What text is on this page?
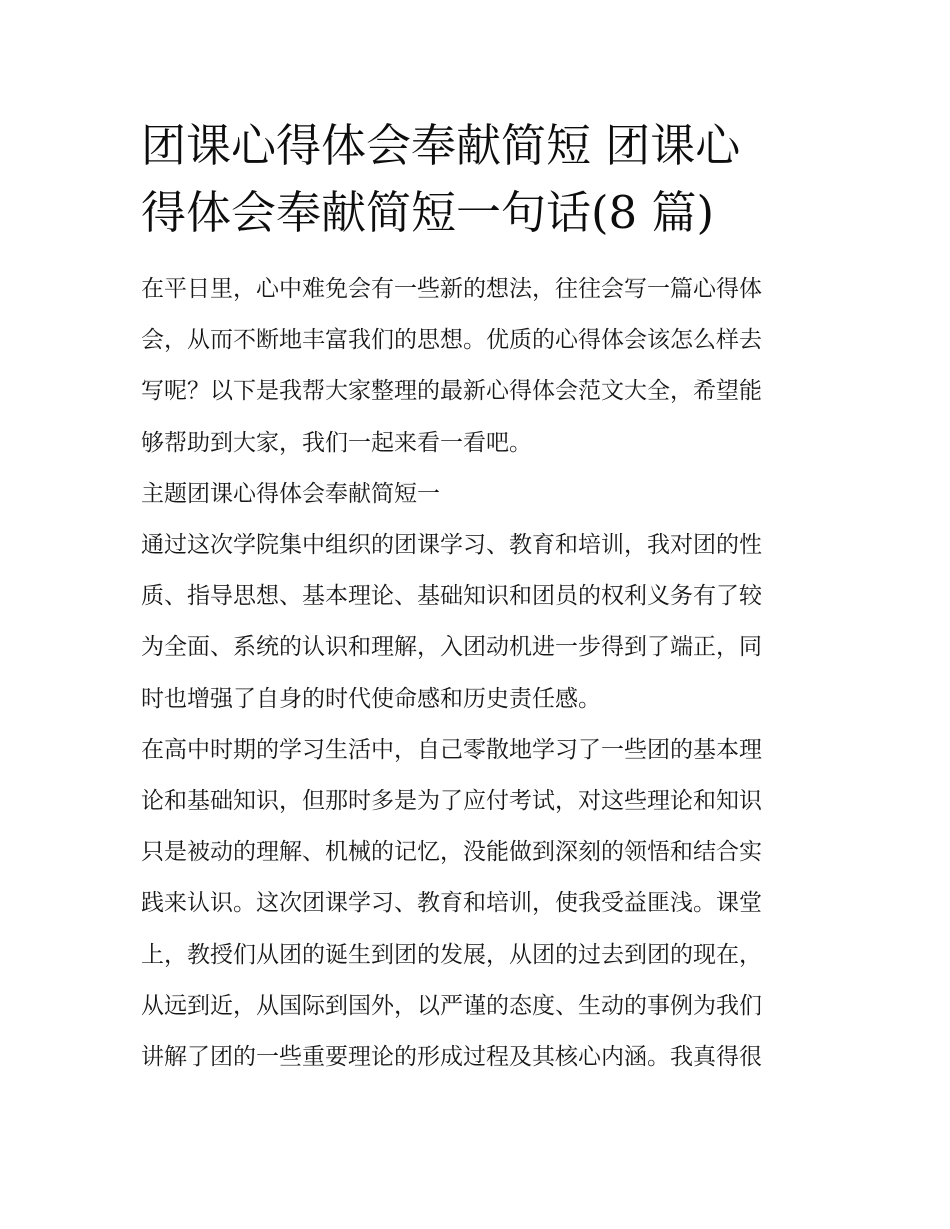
团课心得体会奉献简短 团课心
得体会奉献简短一句话(8 篇)

在平日里，心中难免会有一些新的想法，往往会写一篇心得体
会，从而不断地丰富我们的思想。优质的心得体会该怎么样去
写呢？以下是我帮大家整理的最新心得体会范文大全，希望能
够帮助到大家，我们一起来看一看吧。

主题团课心得体会奉献简短一

通过这次学院集中组织的团课学习、教育和培训，我对团的性
质、指导思想、基本理论、基础知识和团员的权利义务有了较
为全面、系统的认识和理解，入团动机进一步得到了端正，同
时也增强了自身的时代使命感和历史责任感。

在高中时期的学习生活中，自己零散地学习了一些团的基本理
论和基础知识，但那时多是为了应付考试，对这些理论和知识
只是被动的理解、机械的记忆，没能做到深刻的领悟和结合实
践来认识。这次团课学习、教育和培训，使我受益匪浅。课堂
上，教授们从团的诞生到团的发展，从团的过去到团的现在，
从远到近，从国际到国外，以严谨的态度、生动的事例为我们
讲解了团的一些重要理论的形成过程及其核心内涵。我真得很
